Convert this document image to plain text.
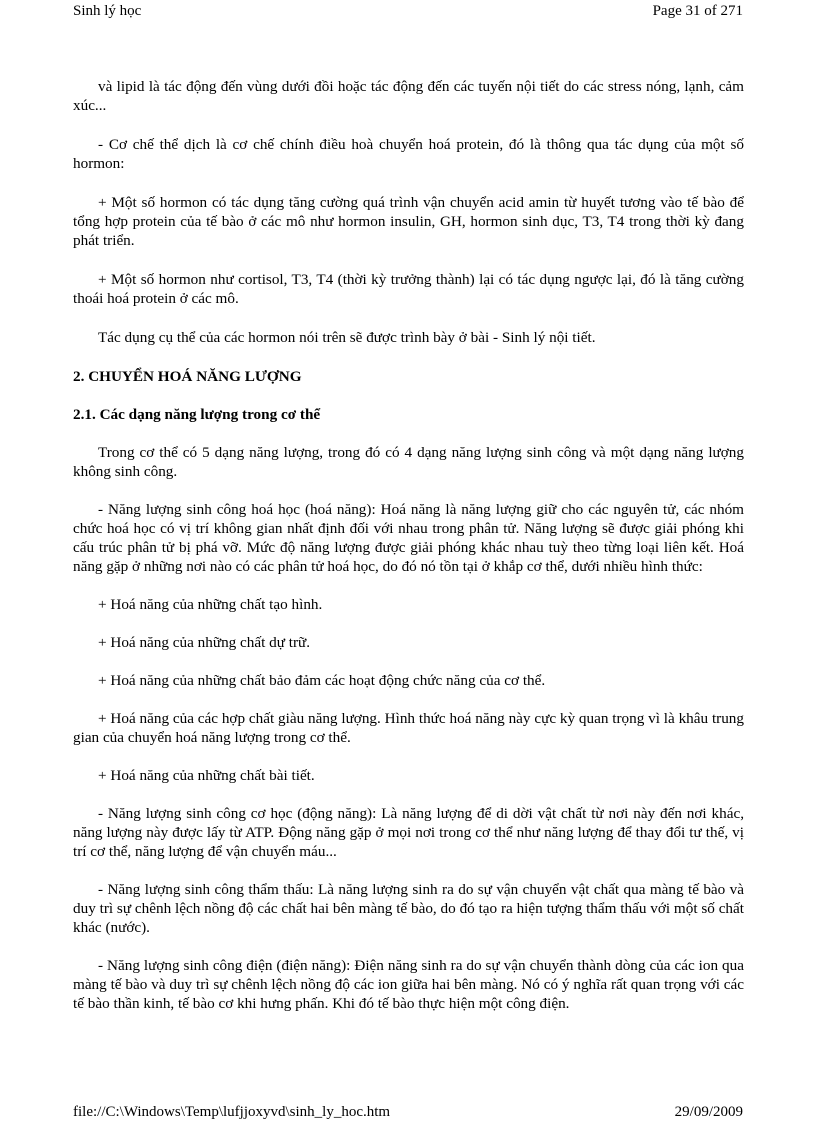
Sinh lý học	Page 31 of 271

và lipid là tác động đến vùng dưới đồi hoặc tác động đến các tuyến nội tiết do các stress nóng, lạnh, cảm xúc...

- Cơ chế thể dịch là cơ chế chính điều hoà chuyển hoá protein, đó là thông qua tác dụng của một số hormon:

+ Một số hormon có tác dụng tăng cường quá trình vận chuyển acid amin từ huyết tương vào tế bào để tổng hợp protein của tế bào ở các mô như hormon insulin, GH, hormon sinh dục, T3, T4 trong thời kỳ đang phát triển.

+ Một số hormon như cortisol, T3, T4 (thời kỳ trưởng thành) lại có tác dụng ngược lại, đó là tăng cường thoái hoá protein ở các mô.

Tác dụng cụ thể của các hormon nói trên sẽ được trình bày ở bài - Sinh lý nội tiết.

2. CHUYỂN HOÁ NĂNG LƯỢNG
2.1. Các dạng năng lượng trong cơ thể

Trong cơ thể có 5 dạng năng lượng, trong đó có 4 dạng năng lượng sinh công và một dạng năng lượng không sinh công.

- Năng lượng sinh công hoá học (hoá năng): Hoá năng là năng lượng giữ cho các nguyên tử, các nhóm chức hoá học có vị trí không gian nhất định đối với nhau trong phân tử. Năng lượng sẽ được giải phóng khi cấu trúc phân tử bị phá vỡ. Mức độ năng lượng được giải phóng khác nhau tuỳ theo từng loại liên kết. Hoá năng gặp ở những nơi nào có các phân tử hoá học, do đó nó tồn tại ở khắp cơ thể, dưới nhiều hình thức:

+ Hoá năng của những chất tạo hình.

+ Hoá năng của những chất dự trữ.

+ Hoá năng của những chất bảo đảm các hoạt động chức năng của cơ thể.

+ Hoá năng của các hợp chất giàu năng lượng. Hình thức hoá năng này cực kỳ quan trọng vì là khâu trung gian của chuyển hoá năng lượng trong cơ thể.

+ Hoá năng của những chất bài tiết.

- Năng lượng sinh công cơ học (động năng): Là năng lượng để di dời vật chất từ nơi này đến nơi khác, năng lượng này được lấy từ ATP. Động năng gặp ở mọi nơi trong cơ thể như năng lượng để thay đổi tư thế, vị trí cơ thể, năng lượng để vận chuyển máu...

- Năng lượng sinh công thẩm thấu: Là năng lượng sinh ra do sự vận chuyển vật chất qua màng tế bào và duy trì sự chênh lệch nồng độ các chất hai bên màng tế bào, do đó tạo ra hiện tượng thẩm thấu với một số chất khác (nước).

- Năng lượng sinh công điện (điện năng): Điện năng sinh ra do sự vận chuyển thành dòng của các ion qua màng tế bào và duy trì sự chênh lệch nồng độ các ion giữa hai bên màng. Nó có ý nghĩa rất quan trọng với các tế bào thần kinh, tế bào cơ khi hưng phấn. Khi đó tế bào thực hiện một công điện.

file://C:\Windows\Temp\lufjjoxyvd\sinh_ly_hoc.htm	29/09/2009
